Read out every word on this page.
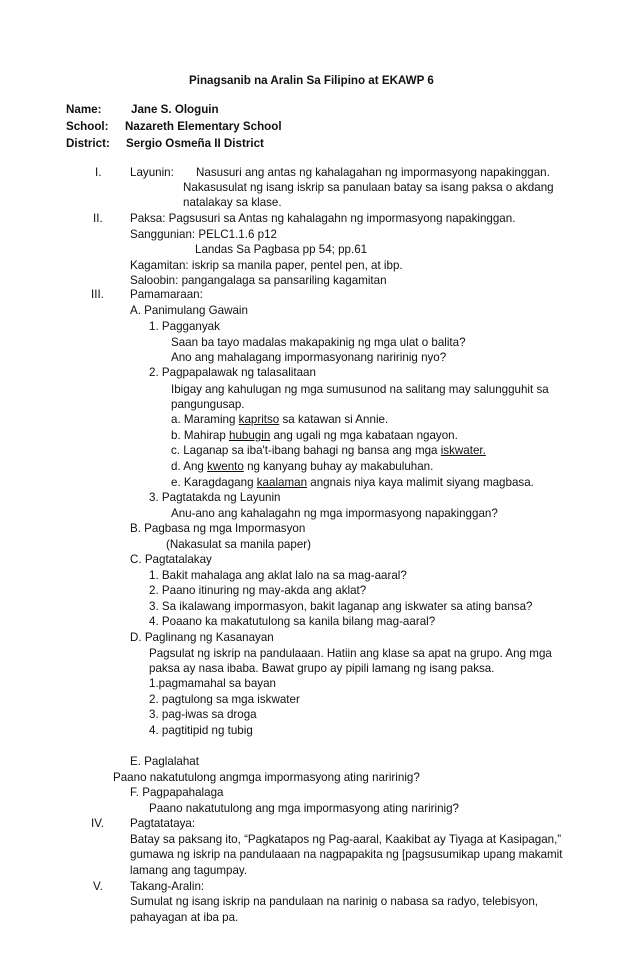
Pinagsanib na Aralin Sa Filipino at EKAWP 6
Name:	Jane S. Ologuin
School: Nazareth Elementary School
District: Sergio Osmeña II District
I. Layunin: Nasusuri ang antas ng kahalagahan ng impormasyong napakinggan.
Nakasusulat ng isang iskrip sa panulaan batay sa isang paksa o akdang
natalakay sa klase.
II. Paksa: Pagsusuri sa Antas ng kahalagahn ng impormasyong napakinggan.
Sanggunian: PELC1.1.6 p12
Landas Sa Pagbasa pp 54; pp.61
Kagamitan: iskrip sa manila paper, pentel pen, at ibp.
Saloobin: pangangalaga sa pansariling kagamitan
III. Pamamaraan:
A. Panimulang Gawain
1. Pagganyak
Saan ba tayo madalas makapakinig ng mga ulat o balita?
Ano ang mahalagang impormasyonang naririnig nyo?
2. Pagpapalawak ng talasalitaan
Ibigay ang kahulugan ng mga sumusunod na salitang may salungguhit sa
pangungusap.
a. Maraming kapritso sa katawan si Annie.
b. Mahirap hubugin ang ugali ng mga kabataan ngayon.
c. Laganap sa iba't-ibang bahagi ng bansa ang mga iskwater.
d. Ang kwento ng kanyang buhay ay makabuluhan.
e. Karagdagang kaalaman angnais niya kaya malimit siyang magbasa.
3. Pagtatakda ng Layunin
Anu-ano ang kahalagahn ng mga impormasyong napakinggan?
B. Pagbasa ng mga Impormasyon
(Nakasulat sa manila paper)
C. Pagtatalakay
1. Bakit mahalaga ang aklat lalo na sa mag-aaral?
2. Paano itinuring ng may-akda ang aklat?
3. Sa ikalawang impormasyon, bakit laganap ang iskwater sa ating bansa?
4. Poaano ka makatutulong sa kanila bilang mag-aaral?
D. Paglinang ng Kasanayan
Pagsulat ng iskrip na pandulaaan. Hatiin ang klase sa apat na grupo. Ang mga
paksa ay nasa ibaba. Bawat grupo ay pipili lamang ng isang paksa.
1.pagmamahal sa bayan
2. pagtulong sa mga iskwater
3. pag-iwas sa droga
4. pagtitipid ng tubig
E. Paglalahat
Paano nakatutulong angmga impormasyong ating naririnig?
F. Pagpapahalaga
Paano nakatutulong ang mga impormasyong ating naririnig?
IV. Pagtatataya:
Batay sa paksang ito, “Pagkatapos ng Pag-aaral, Kaakibat ay Tiyaga at Kasipagan,”
gumawa ng iskrip na pandulaaan na nagpapakita ng [pagsusumikap upang makamit
lamang ang tagumpay.
V. Takang-Aralin:
Sumulat ng isang iskrip na pandulaan na narinig o nabasa sa radyo, telebisyon,
pahayagan at iba pa.
